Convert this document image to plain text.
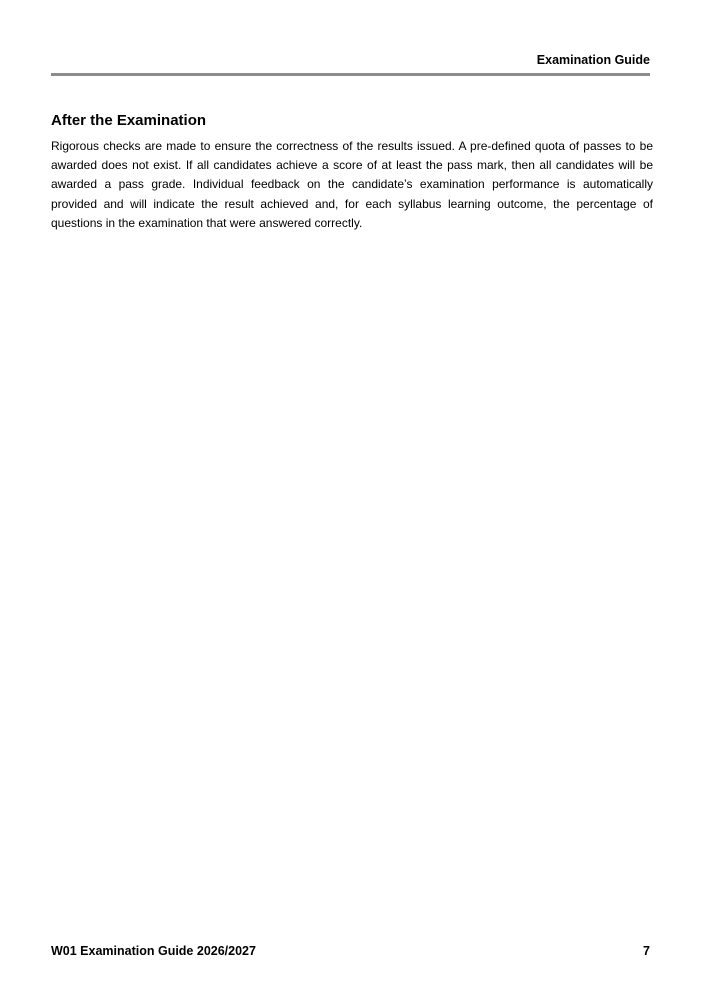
Examination Guide
After the Examination

Rigorous checks are made to ensure the correctness of the results issued. A pre-defined quota of passes to be awarded does not exist. If all candidates achieve a score of at least the pass mark, then all candidates will be awarded a pass grade. Individual feedback on the candidate’s examination performance is automatically provided and will indicate the result achieved and, for each syllabus learning outcome, the percentage of questions in the examination that were answered correctly.

W01 Examination Guide 2026/2027	7
